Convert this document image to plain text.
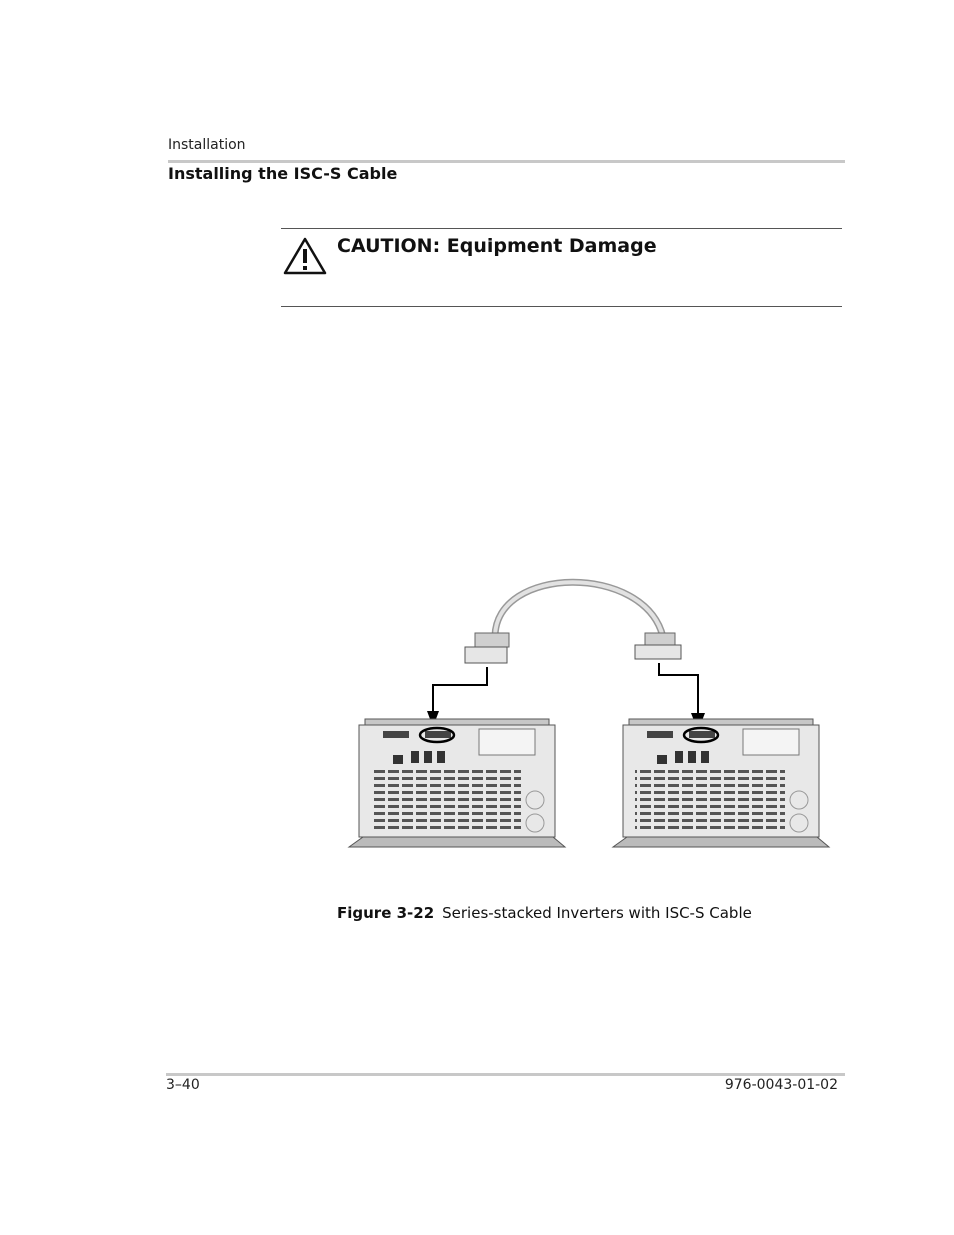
Installation
Installing the ISC-S Cable
CAUTION: Equipment Damage
Figure 3-22 Series-stacked Inverters with ISC-S Cable
3–40	976-0043-01-02
